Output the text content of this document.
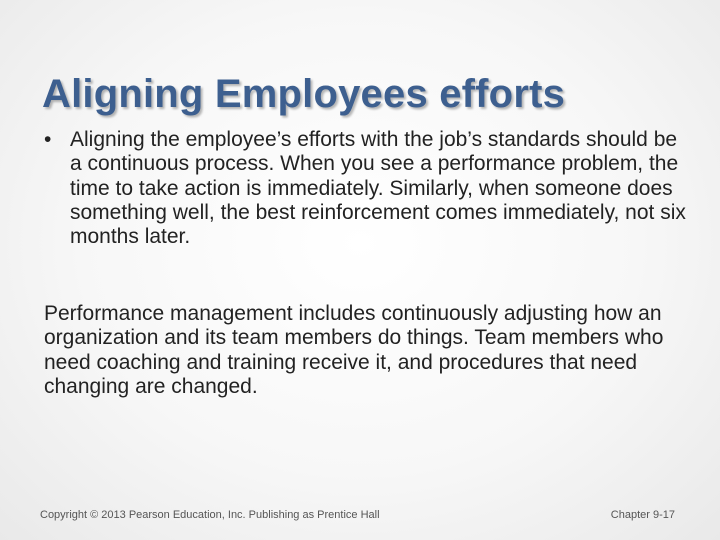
Aligning Employees efforts
• Aligning the employee’s efforts with the job’s standards should be a continuous process. When you see a performance problem, the time to take action is immediately. Similarly, when someone does something well, the best reinforcement comes immediately, not six months later.

Performance management includes continuously adjusting how an organization and its team members do things. Team members who need coaching and training receive it, and procedures that need changing are changed.

Copyright © 2013 Pearson Education, Inc. Publishing as Prentice Hall	Chapter 9-17
